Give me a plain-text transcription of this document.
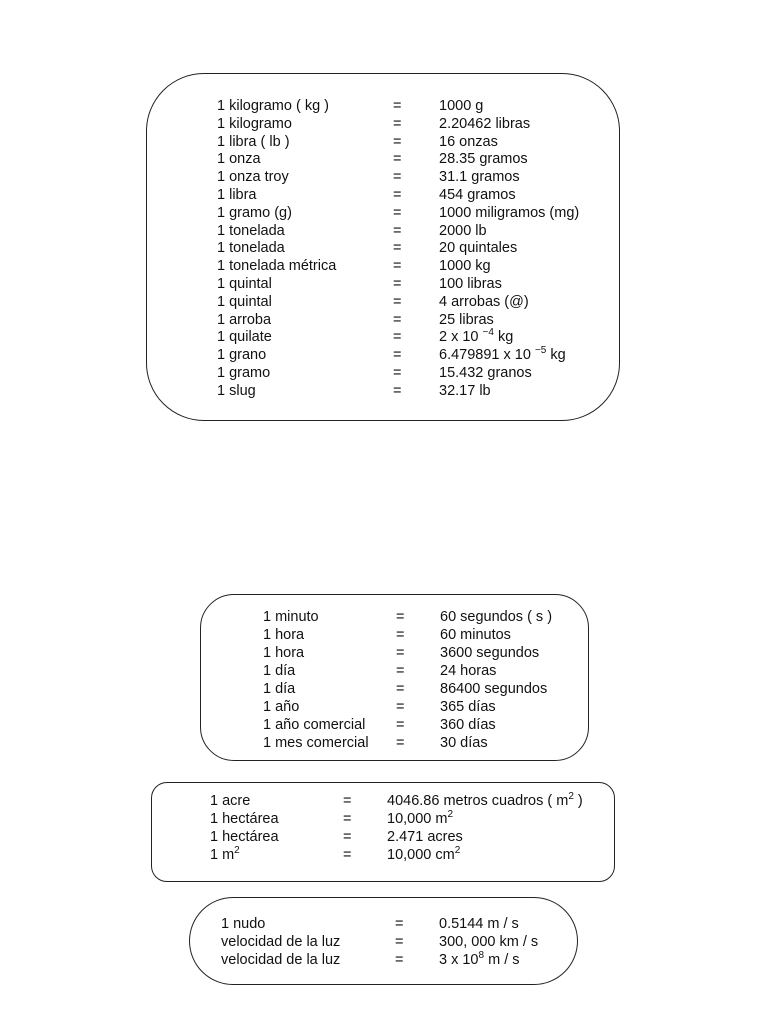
1 kilogramo ( kg )	=	1000 g
1 kilogramo	=	2.20462 libras
1 libra ( lb )	=	16 onzas
1 onza	=	28.35 gramos
1 onza troy	=	31.1 gramos
1 libra	=	454 gramos
1 gramo (g)	=	1000 miligramos (mg)
1 tonelada	=	2000 lb
1 tonelada	=	20 quintales
1 tonelada métrica	=	1000 kg
1 quintal	=	100 libras
1 quintal	=	4 arrobas (@)
1 arroba	=	25 libras
1 quilate	=	2 x 10 $^{-4}$ kg
1 grano	=	6.479891 x 10 $^{-5}$ kg
1 gramo	=	15.432 granos
1 slug	=	32.17 lb
1 minuto	= 60 segundos ( s )
1 hora	= 60 minutos
1 hora	= 3600 segundos
1 día	= 24 horas
1 día	= 86400 segundos
1 año	= 365 días
1 año comercial = 360 días
1 mes comercial = 30 días
1 acre	= 4046.86 metros cuadros ( $m^2$ )
1 hectárea	= 10,000 $m^2$
1 hectárea	= 2.471 acres
1 $m^2$	= 10,000 $cm^2$
1 nudo	= 0.5144 m / s
velocidad de la luz	= 300, 000 km / s
velocidad de la luz	= 3 x $10^8$ m / s
